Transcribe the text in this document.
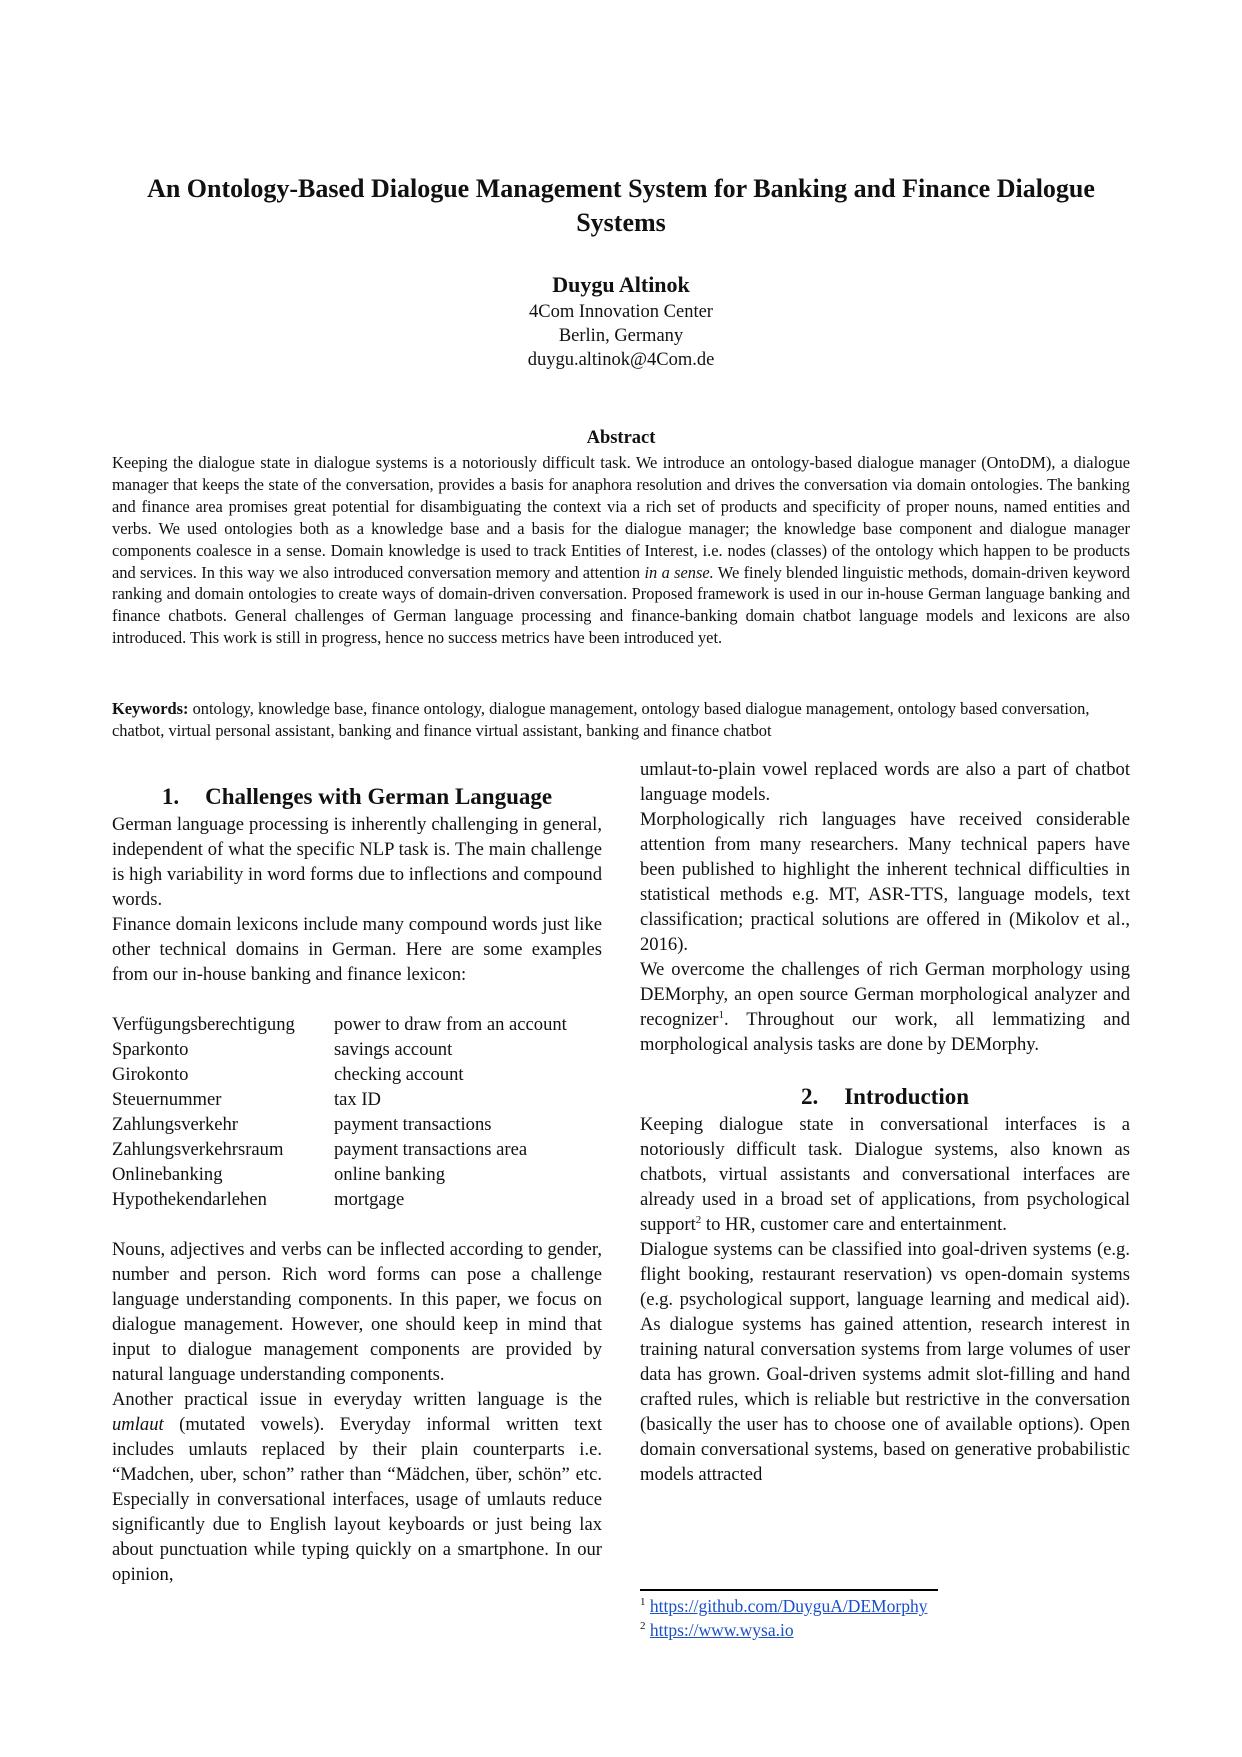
An Ontology-Based Dialogue Management System for Banking and Finance Dialogue Systems
Duygu Altinok
4Com Innovation Center
Berlin, Germany
duygu.altinok@4Com.de
Abstract

Keeping the dialogue state in dialogue systems is a notoriously difficult task. We introduce an ontology-based dialogue manager (OntoDM), a dialogue manager that keeps the state of the conversation, provides a basis for anaphora resolution and drives the conversation via domain ontologies. The banking and finance area promises great potential for disambiguating the context via a rich set of products and specificity of proper nouns, named entities and verbs. We used ontologies both as a knowledge base and a basis for the dialogue manager; the knowledge base component and dialogue manager components coalesce in a sense. Domain knowledge is used to track Entities of Interest, i.e. nodes (classes) of the ontology which happen to be products and services. In this way we also introduced conversation memory and attention in a sense. We finely blended linguistic methods, domain-driven keyword ranking and domain ontologies to create ways of domain-driven conversation. Proposed framework is used in our in-house German language banking and finance chatbots. General challenges of German language processing and finance-banking domain chatbot language models and lexicons are also introduced. This work is still in progress, hence no success metrics have been introduced yet.

Keywords: ontology, knowledge base, finance ontology, dialogue management, ontology based dialogue management, ontology based conversation, chatbot, virtual personal assistant, banking and finance virtual assistant, banking and finance chatbot

1. Challenges with German Language

German language processing is inherently challenging in general, independent of what the specific NLP task is. The main challenge is high variability in word forms due to inflections and compound words.

Finance domain lexicons include many compound words just like other technical domains in German. Here are some examples from our in-house banking and finance lexicon:

Verfügungsberechtigung	power to draw from an account
Sparkonto	savings account
Girokonto	checking account
Steuernummer	tax ID
Zahlungsverkehr	payment transactions
Zahlungsverkehrsraum	payment transactions area
Onlinebanking	online banking
Hypothekendarlehen	mortgage

Nouns, adjectives and verbs can be inflected according to gender, number and person. Rich word forms can pose a challenge language understanding components. In this paper, we focus on dialogue management. However, one should keep in mind that input to dialogue management components are provided by natural language understanding components.

Another practical issue in everyday written language is the umlaut (mutated vowels). Everyday informal written text includes umlauts replaced by their plain counterparts i.e. “Madchen, uber, schon” rather than “Mädchen, über, schön” etc. Especially in conversational interfaces, usage of umlauts reduce significantly due to English layout keyboards or just being lax about punctuation while typing quickly on a smartphone. In our opinion,

umlaut-to-plain vowel replaced words are also a part of chatbot language models.

Morphologically rich languages have received considerable attention from many researchers. Many technical papers have been published to highlight the inherent technical difficulties in statistical methods e.g. MT, ASR-TTS, language models, text classification; practical solutions are offered in (Mikolov et al., 2016).

We overcome the challenges of rich German morphology using DEMorphy, an open source German morphological analyzer and recognizer$^1$. Throughout our work, all lemmatizing and morphological analysis tasks are done by DEMorphy.

2. Introduction

Keeping dialogue state in conversational interfaces is a notoriously difficult task. Dialogue systems, also known as chatbots, virtual assistants and conversational interfaces are already used in a broad set of applications, from psychological support$^2$ to HR, customer care and entertainment.

Dialogue systems can be classified into goal-driven systems (e.g. flight booking, restaurant reservation) vs open-domain systems (e.g. psychological support, language learning and medical aid). As dialogue systems has gained attention, research interest in training natural conversation systems from large volumes of user data has grown. Goal-driven systems admit slot-filling and hand crafted rules, which is reliable but restrictive in the conversation (basically the user has to choose one of available options). Open domain conversational systems, based on generative probabilistic models attracted

$^1$ https://github.com/DuyguA/DEMorphy
$^2$ https://www.wysa.io
